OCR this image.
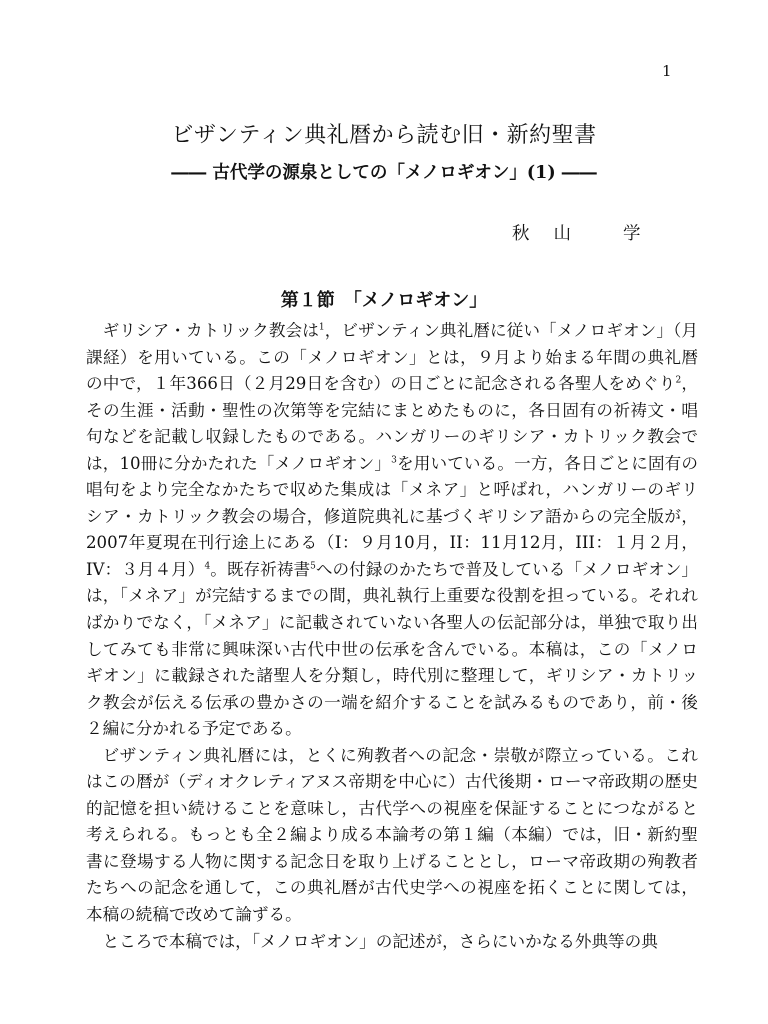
1
ビザンティン典礼暦から読む旧・新約聖書
―― 古代学の源泉としての「メノロギオン」(1) ――
秋 山	学
第１節　「メノロギオン」

ギリシア・カトリック教会は$^1$，ビザンティン典礼暦に従い「メノロギオン」（月課経）を用いている。この「メノロギオン」とは，９月より始まる年間の典礼暦の中で，１年366日（２月29日を含む）の日ごとに記念される各聖人をめぐり$^2$，その生涯・活動・聖性の次第等を完結にまとめたものに，各日固有の祈祷文・唱句などを記載し収録したものである。ハンガリーのギリシア・カトリック教会では，10冊に分かたれた「メノロギオン」$^3$を用いている。一方，各日ごとに固有の唱句をより完全なかたちで収めた集成は「メネア」と呼ばれ，ハンガリーのギリシア・カトリック教会の場合，修道院典礼に基づくギリシア語からの完全版が，2007年夏現在刊行途上にある（I：９月10月，II：11月12月，III：１月２月，IV：３月４月）$^4$。既存祈祷書$^5$への付録のかたちで普及している「メノロギオン」は，「メネア」が完結するまでの間，典礼執行上重要な役割を担っている。それればかりでなく，「メネア」に記載されていない各聖人の伝記部分は，単独で取り出してみても非常に興味深い古代中世の伝承を含んでいる。本稿は，この「メノロギオン」に載録された諸聖人を分類し，時代別に整理して，ギリシア・カトリック教会が伝える伝承の豊かさの一端を紹介することを試みるものであり，前・後２編に分かれる予定である。

ビザンティン典礼暦には，とくに殉教者への記念・崇敬が際立っている。これはこの暦が（ディオクレティアヌス帝期を中心に）古代後期・ローマ帝政期の歴史的記憶を担い続けることを意味し，古代学への視座を保証することにつながると考えられる。もっとも全２編より成る本論考の第１編（本編）では，旧・新約聖書に登場する人物に関する記念日を取り上げることとし，ローマ帝政期の殉教者たちへの記念を通して，この典礼暦が古代史学への視座を拓くことに関しては，本稿の続稿で改めて論ずる。

ところで本稿では，「メノロギオン」の記述が，さらにいかなる外典等の典
